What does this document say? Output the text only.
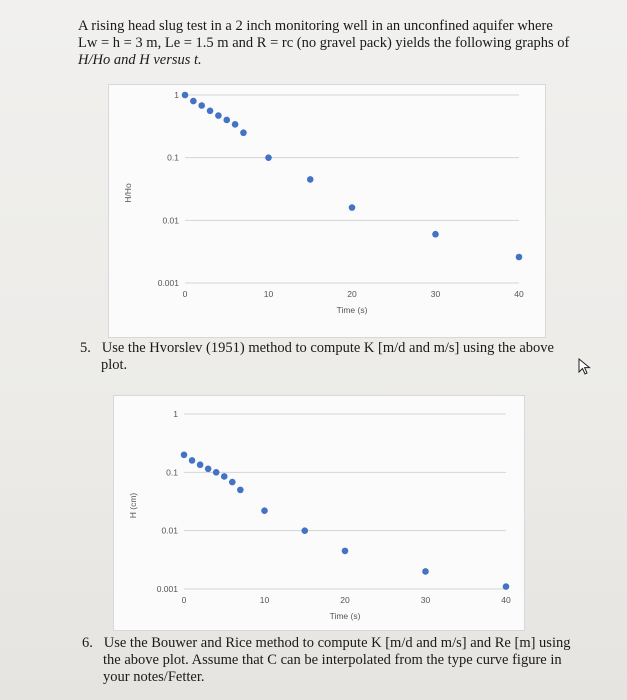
A rising head slug test in a 2 inch monitoring well in an unconfined aquifer where
Lw = h = 3 m, Le = 1.5 m and R = rc (no gravel pack) yields the following graphs of
H/Ho and H versus t.
1
0.1
0.01
0.001
0	10	20	30	40
Time (s)
H/Ho
5. Use the Hvorslev (1951) method to compute K [m/d and m/s] using the above
plot.
1
0.1
0.01
0.001
0	10	20	30	40
Time (s)
H (cm)
6. Use the Bouwer and Rice method to compute K [m/d and m/s] and Re [m] using
the above plot. Assume that C can be interpolated from the type curve figure in
your notes/Fetter.
